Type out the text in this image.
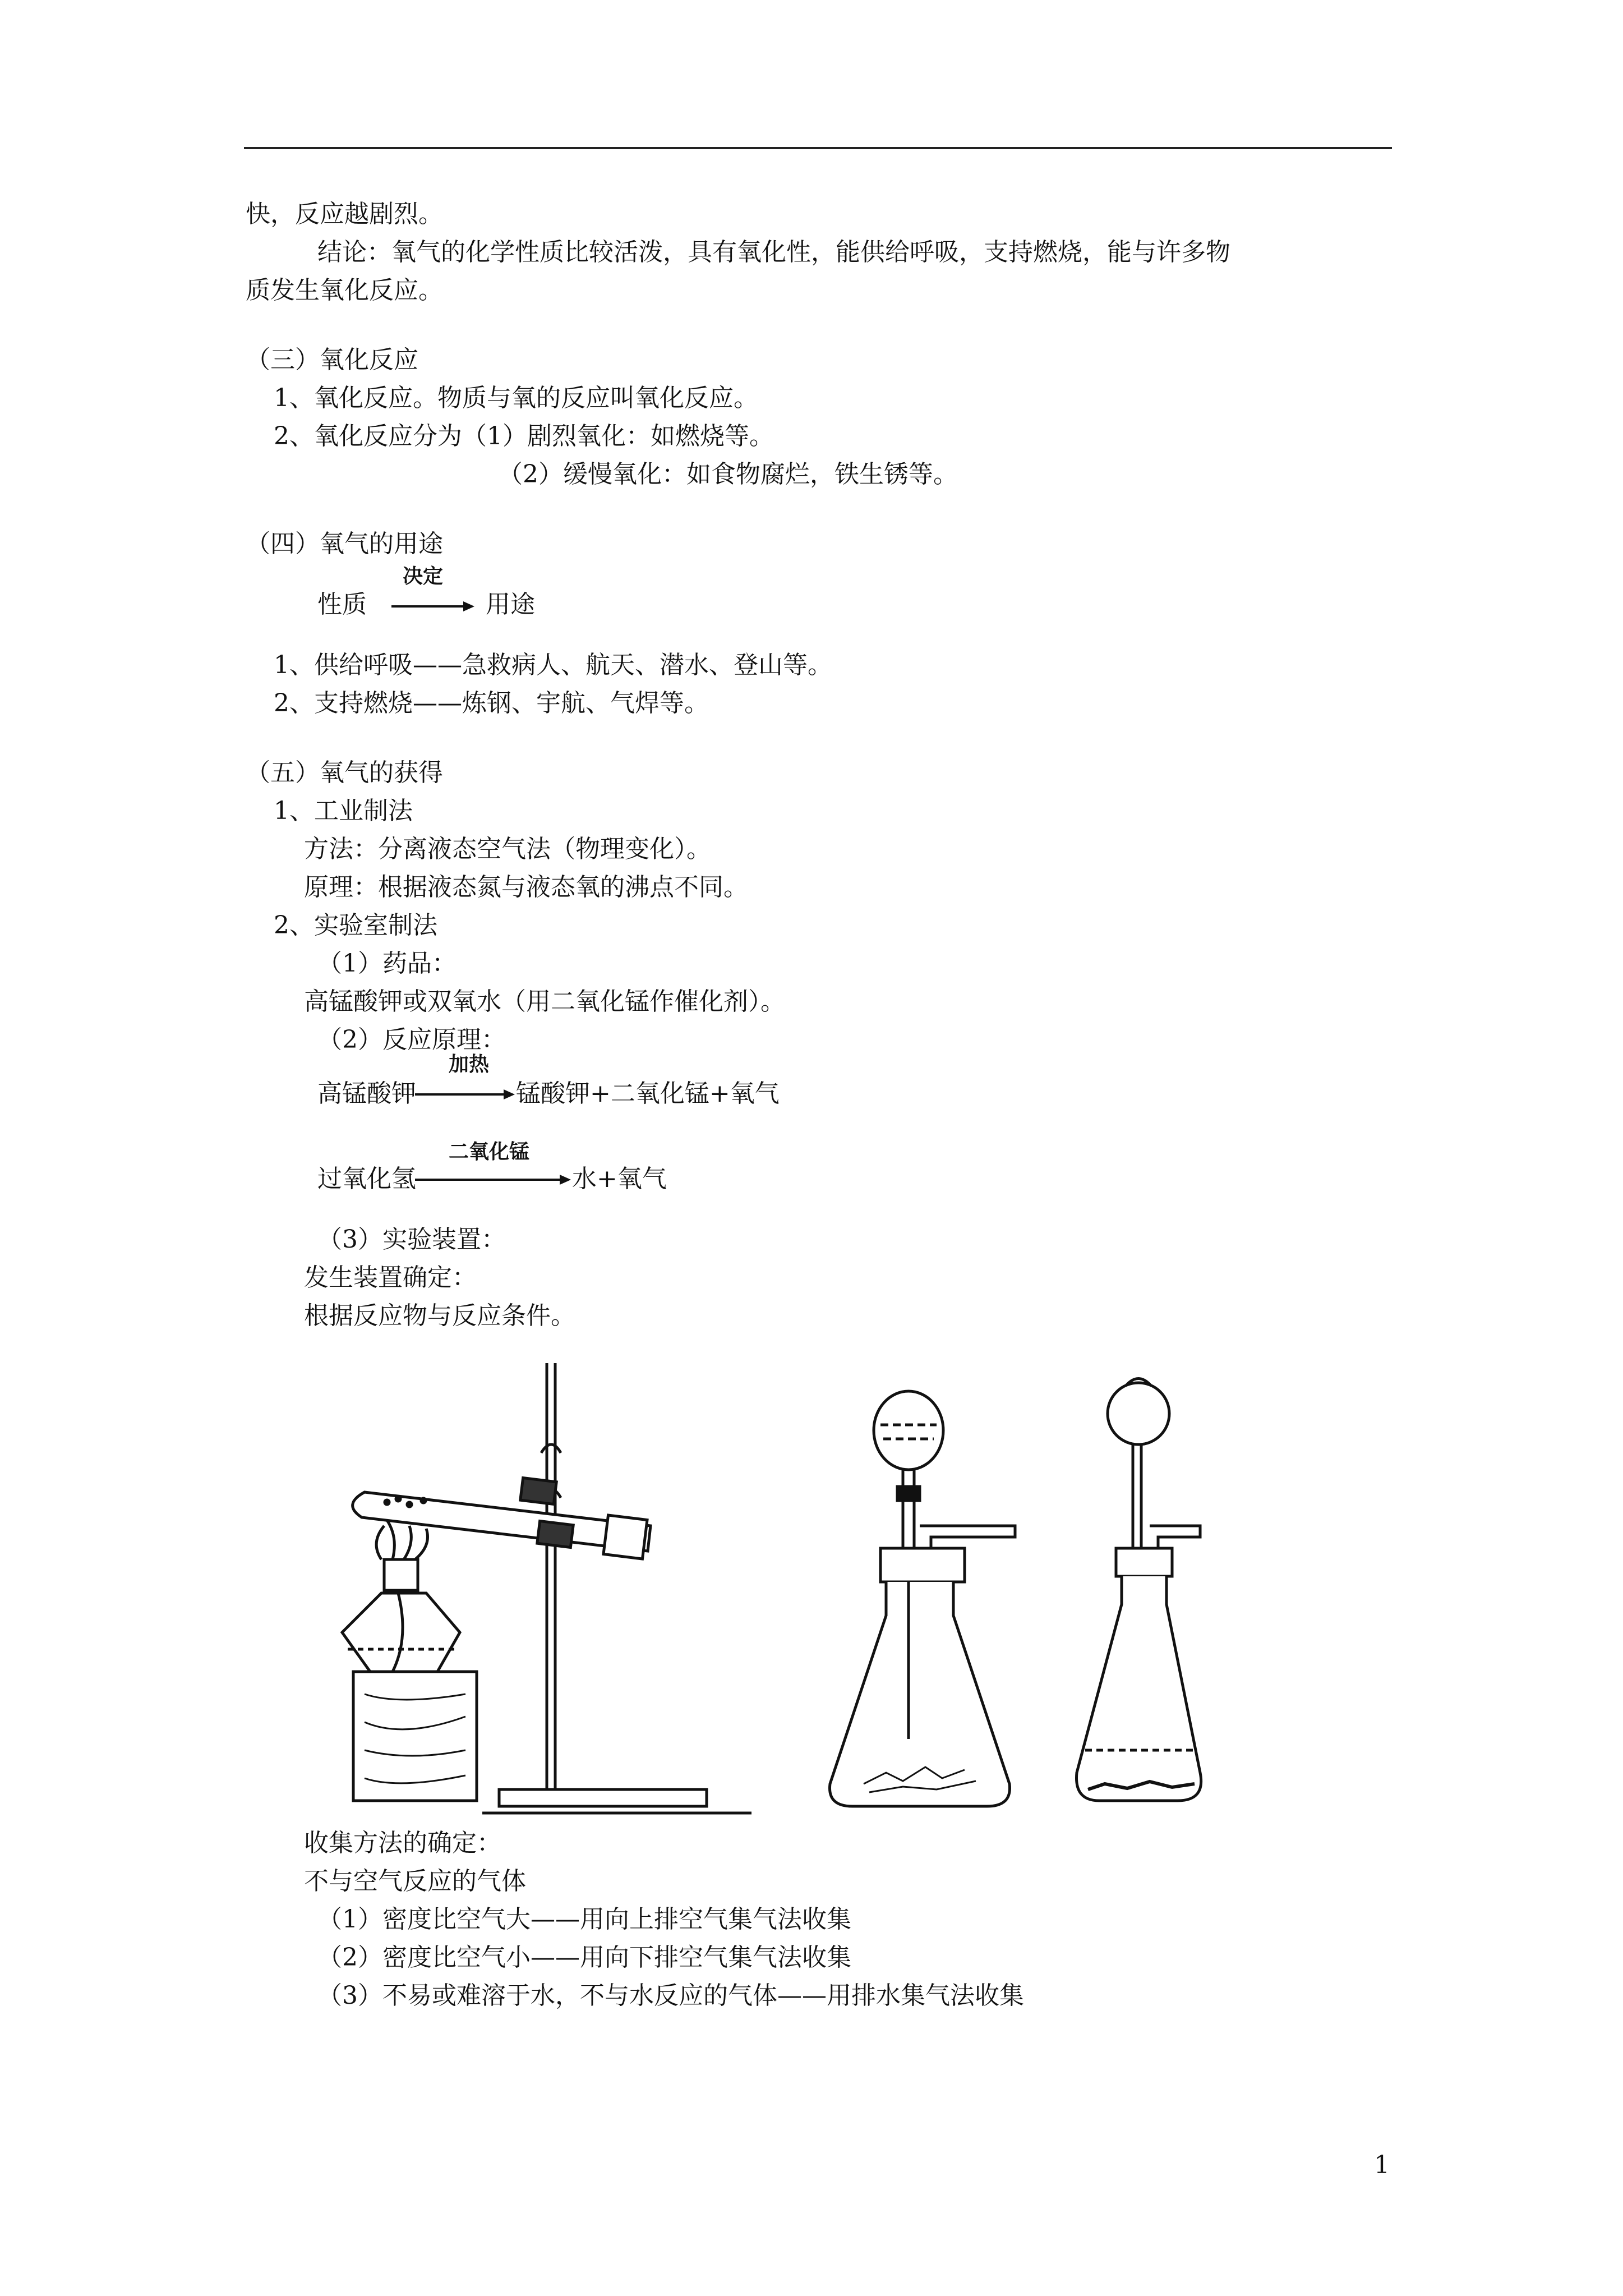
快，反应越剧烈。
结论：氧气的化学性质比较活泼，具有氧化性，能供给呼吸，支持燃烧，能与许多物
质发生氧化反应。
（三）氧化反应
1、氧化反应。物质与氧的反应叫氧化反应。
2、氧化反应分为（1）剧烈氧化：如燃烧等。
（2）缓慢氧化：如食物腐烂，铁生锈等。
（四）氧气的用途
性质
决定
用途
1、供给呼吸——急救病人、航天、潜水、登山等。
2、支持燃烧——炼钢、宇航、气焊等。
（五）氧气的获得
1、工业制法
方法：分离液态空气法（物理变化）。
原理：根据液态氮与液态氧的沸点不同。
2、实验室制法
（1）药品：
高锰酸钾或双氧水（用二氧化锰作催化剂）。
（2）反应原理：
加热
高锰酸钾	锰酸钾+二氧化锰+氧气
二氧化锰
过氧化氢	水+氧气
（3）实验装置：
发生装置确定：
根据反应物与反应条件。
收集方法的确定：
不与空气反应的气体
（1）密度比空气大——用向上排空气集气法收集
（2）密度比空气小——用向下排空气集气法收集
（3）不易或难溶于水，不与水反应的气体——用排水集气法收集
1
